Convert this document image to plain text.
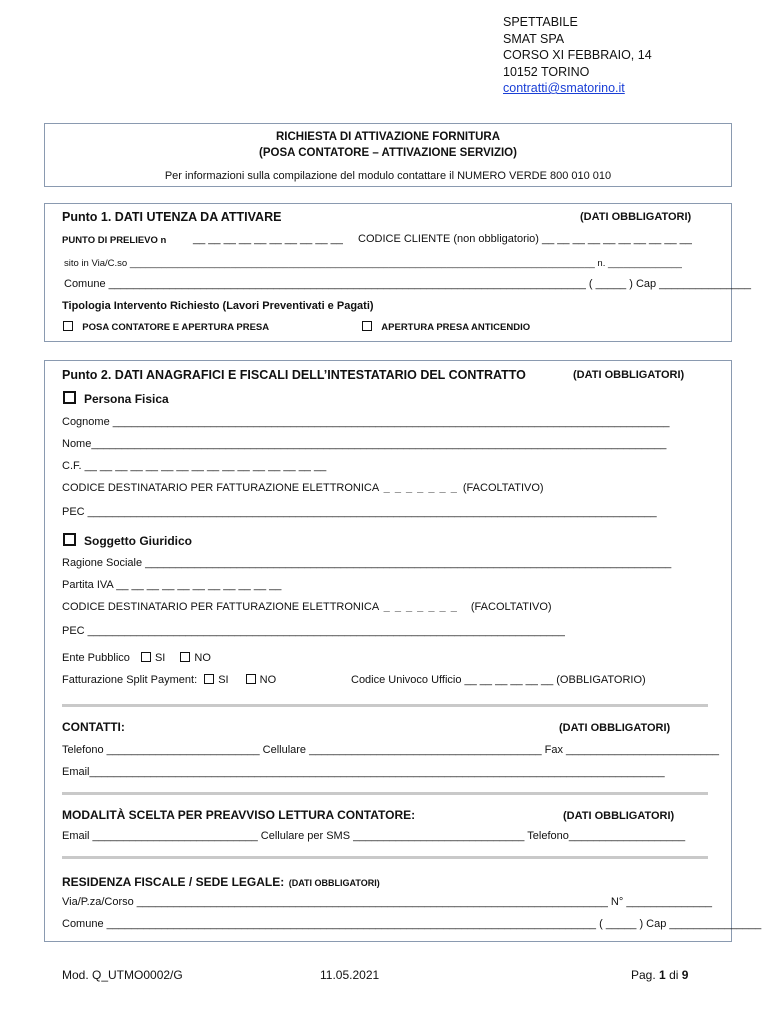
SPETTABILE
SMAT SPA
CORSO XI FEBBRAIO, 14
10152 TORINO
contratti@smatorino.it
RICHIESTA DI ATTIVAZIONE FORNITURA
(POSA CONTATORE – ATTIVAZIONE SERVIZIO)
Per informazioni sulla compilazione del modulo contattare il NUMERO VERDE 800 010 010
Punto 1. DATI UTENZA DA ATTIVARE	(DATI OBBLIGATORI)
PUNTO DI PRELIEVO n __ __ __ __ __ __ __ __ __ __ CODICE CLIENTE (non obbligatorio) __ __ __ __ __ __ __ __ __ __
sito in Via/C.so ________________________________________________________________________________________ n. ______________
Comune ______________________________________________________________________________ ( _____ ) Cap _______________
Tipologia Intervento Richiesto (Lavori Preventivati e Pagati)
POSA CONTATORE E APERTURA PRESA	APERTURA PRESA ANTICENDIO
Punto 2. DATI ANAGRAFICI E FISCALI DELL’INTESTATARIO DEL CONTRATTO	(DATI OBBLIGATORI)
Persona Fisica
Cognome ___________________________________________________________________________________________
Nome______________________________________________________________________________________________
C.F. __ __ __ __ __ __ __ __ __ __ __ __ __ __ __ __
CODICE DESTINATARIO PER FATTURAZIONE ELETTRONICA _ _ _ _ _ _ _ (FACOLTATIVO)
PEC _____________________________________________________________________________________________
Soggetto Giuridico
Ragione Sociale ______________________________________________________________________________________
Partita IVA __ __ __ __ __ __ __ __ __ __ __
CODICE DESTINATARIO PER FATTURAZIONE ELETTRONICA _ _ _ _ _ _ _ (FACOLTATIVO)
PEC ______________________________________________________________________________
Ente Pubblico SI	NO
Fatturazione Split Payment: SI	NO	Codice Univoco Ufficio __ __ __ __ __ __ (OBBLIGATORIO)
CONTATTI:	(DATI OBBLIGATORI)
Telefono _________________________ Cellulare ______________________________________ Fax _________________________
Email______________________________________________________________________________________________
MODALITÀ SCELTA PER PREAVVISO LETTURA CONTATORE:	(DATI OBBLIGATORI)
Email ___________________________ Cellulare per SMS ____________________________ Telefono___________________
RESIDENZA FISCALE / SEDE LEGALE: (DATI OBBLIGATORI)
Via/P.za/Corso _____________________________________________________________________________ N° ______________
Comune ________________________________________________________________________________ ( _____ ) Cap _______________
Mod. Q_UTMO0002/G	11.05.2021	Pag. 1 di 9
